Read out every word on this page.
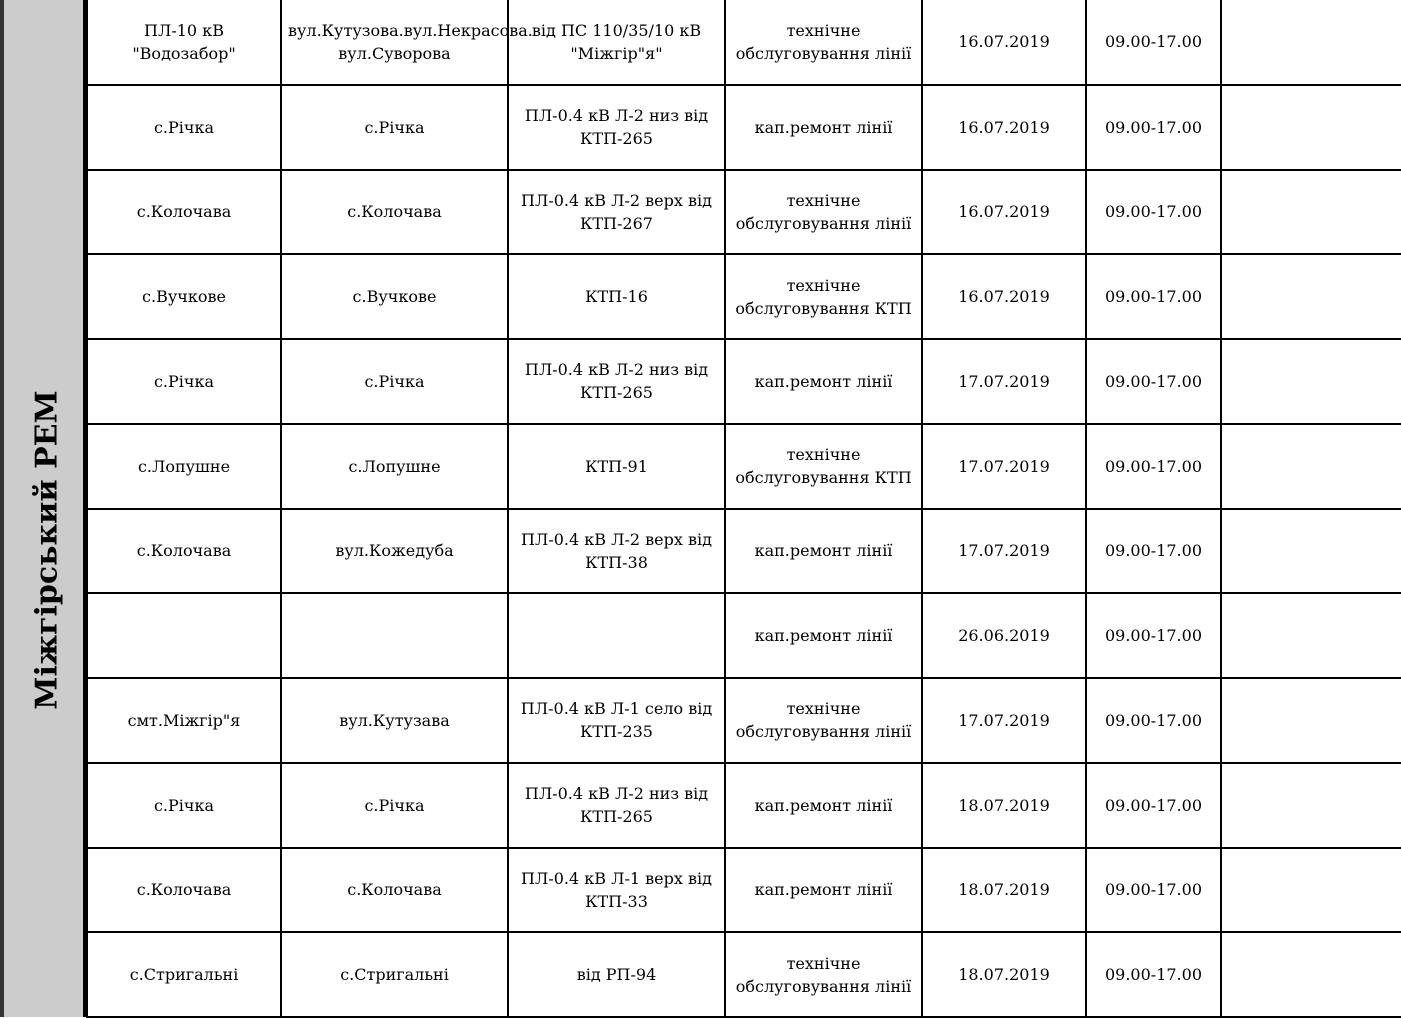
Міжгірський РЕМ
ПЛ-10 кВ "Водозабор"	вул.Кутузова.вул.Некрасова. вул.Суворова	від ПС 110/35/10 кВ "Міжгір"я"	технічне обслуговування лінії	16.07.2019	09.00-17.00	
с.Річка	с.Річка	ПЛ-0.4 кВ Л-2 низ від КТП-265	кап.ремонт лінії	16.07.2019	09.00-17.00	
с.Колочава	с.Колочава	ПЛ-0.4 кВ Л-2 верх від КТП-267	технічне обслуговування лінії	16.07.2019	09.00-17.00	
с.Вучкове	с.Вучкове	КТП-16	технічне обслуговування КТП	16.07.2019	09.00-17.00	
с.Річка	с.Річка	ПЛ-0.4 кВ Л-2 низ від КТП-265	кап.ремонт лінії	17.07.2019	09.00-17.00	
с.Лопушне	с.Лопушне	КТП-91	технічне обслуговування КТП	17.07.2019	09.00-17.00	
с.Колочава	вул.Кожедуба	ПЛ-0.4 кВ Л-2 верх від КТП-38	кап.ремонт лінії	17.07.2019	09.00-17.00	
			кап.ремонт лінії	26.06.2019	09.00-17.00	
смт.Міжгір"я	вул.Кутузава	ПЛ-0.4 кВ Л-1 село від КТП-235	технічне обслуговування лінії	17.07.2019	09.00-17.00	
с.Річка	с.Річка	ПЛ-0.4 кВ Л-2 низ від КТП-265	кап.ремонт лінії	18.07.2019	09.00-17.00	
с.Колочава	с.Колочава	ПЛ-0.4 кВ Л-1 верх від КТП-33	кап.ремонт лінії	18.07.2019	09.00-17.00	
с.Стригальні	с.Стригальні	від РП-94	технічне обслуговування лінії	18.07.2019	09.00-17.00	
